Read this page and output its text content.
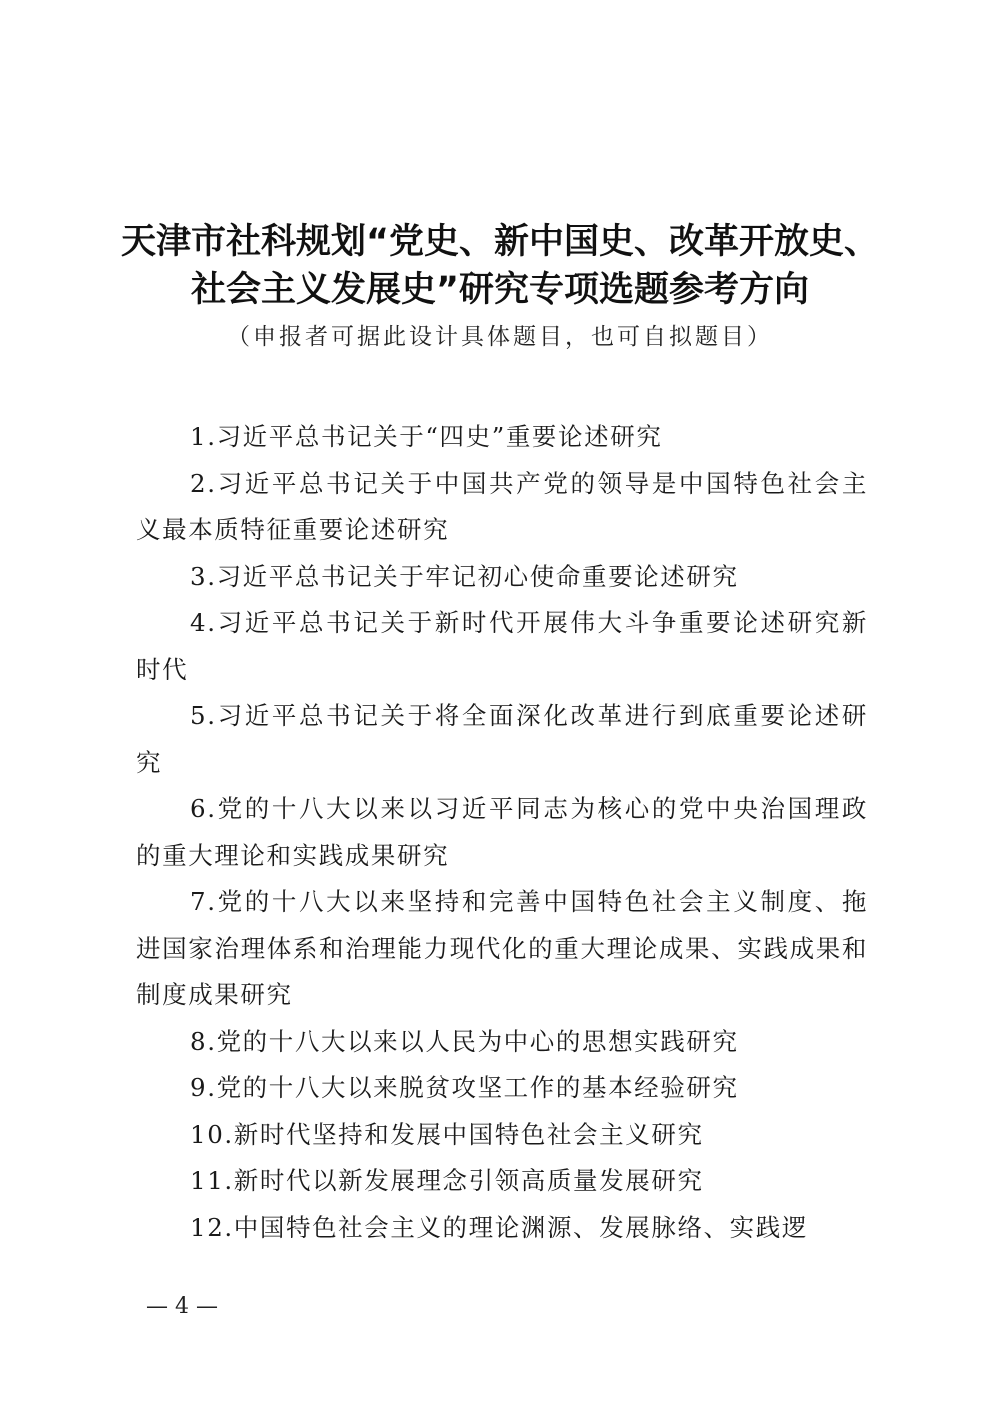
天津市社科规划“党史、新中国史、改革开放史、
社会主义发展史”研究专项选题参考方向
（申报者可据此设计具体题目，也可自拟题目）

1.习近平总书记关于“四史”重要论述研究

2.习近平总书记关于中国共产党的领导是中国特色社会主义最本质特征重要论述研究

3.习近平总书记关于牢记初心使命重要论述研究

4.习近平总书记关于新时代开展伟大斗争重要论述研究新时代

5.习近平总书记关于将全面深化改革进行到底重要论述研究

6.党的十八大以来以习近平同志为核心的党中央治国理政的重大理论和实践成果研究

7.党的十八大以来坚持和完善中国特色社会主义制度、拖进国家治理体系和治理能力现代化的重大理论成果、实践成果和制度成果研究

8.党的十八大以来以人民为中心的思想实践研究

9.党的十八大以来脱贫攻坚工作的基本经验研究

10.新时代坚持和发展中国特色社会主义研究

11.新时代以新发展理念引领高质量发展研究

12.中国特色社会主义的理论渊源、发展脉络、实践逻

— 4 —
